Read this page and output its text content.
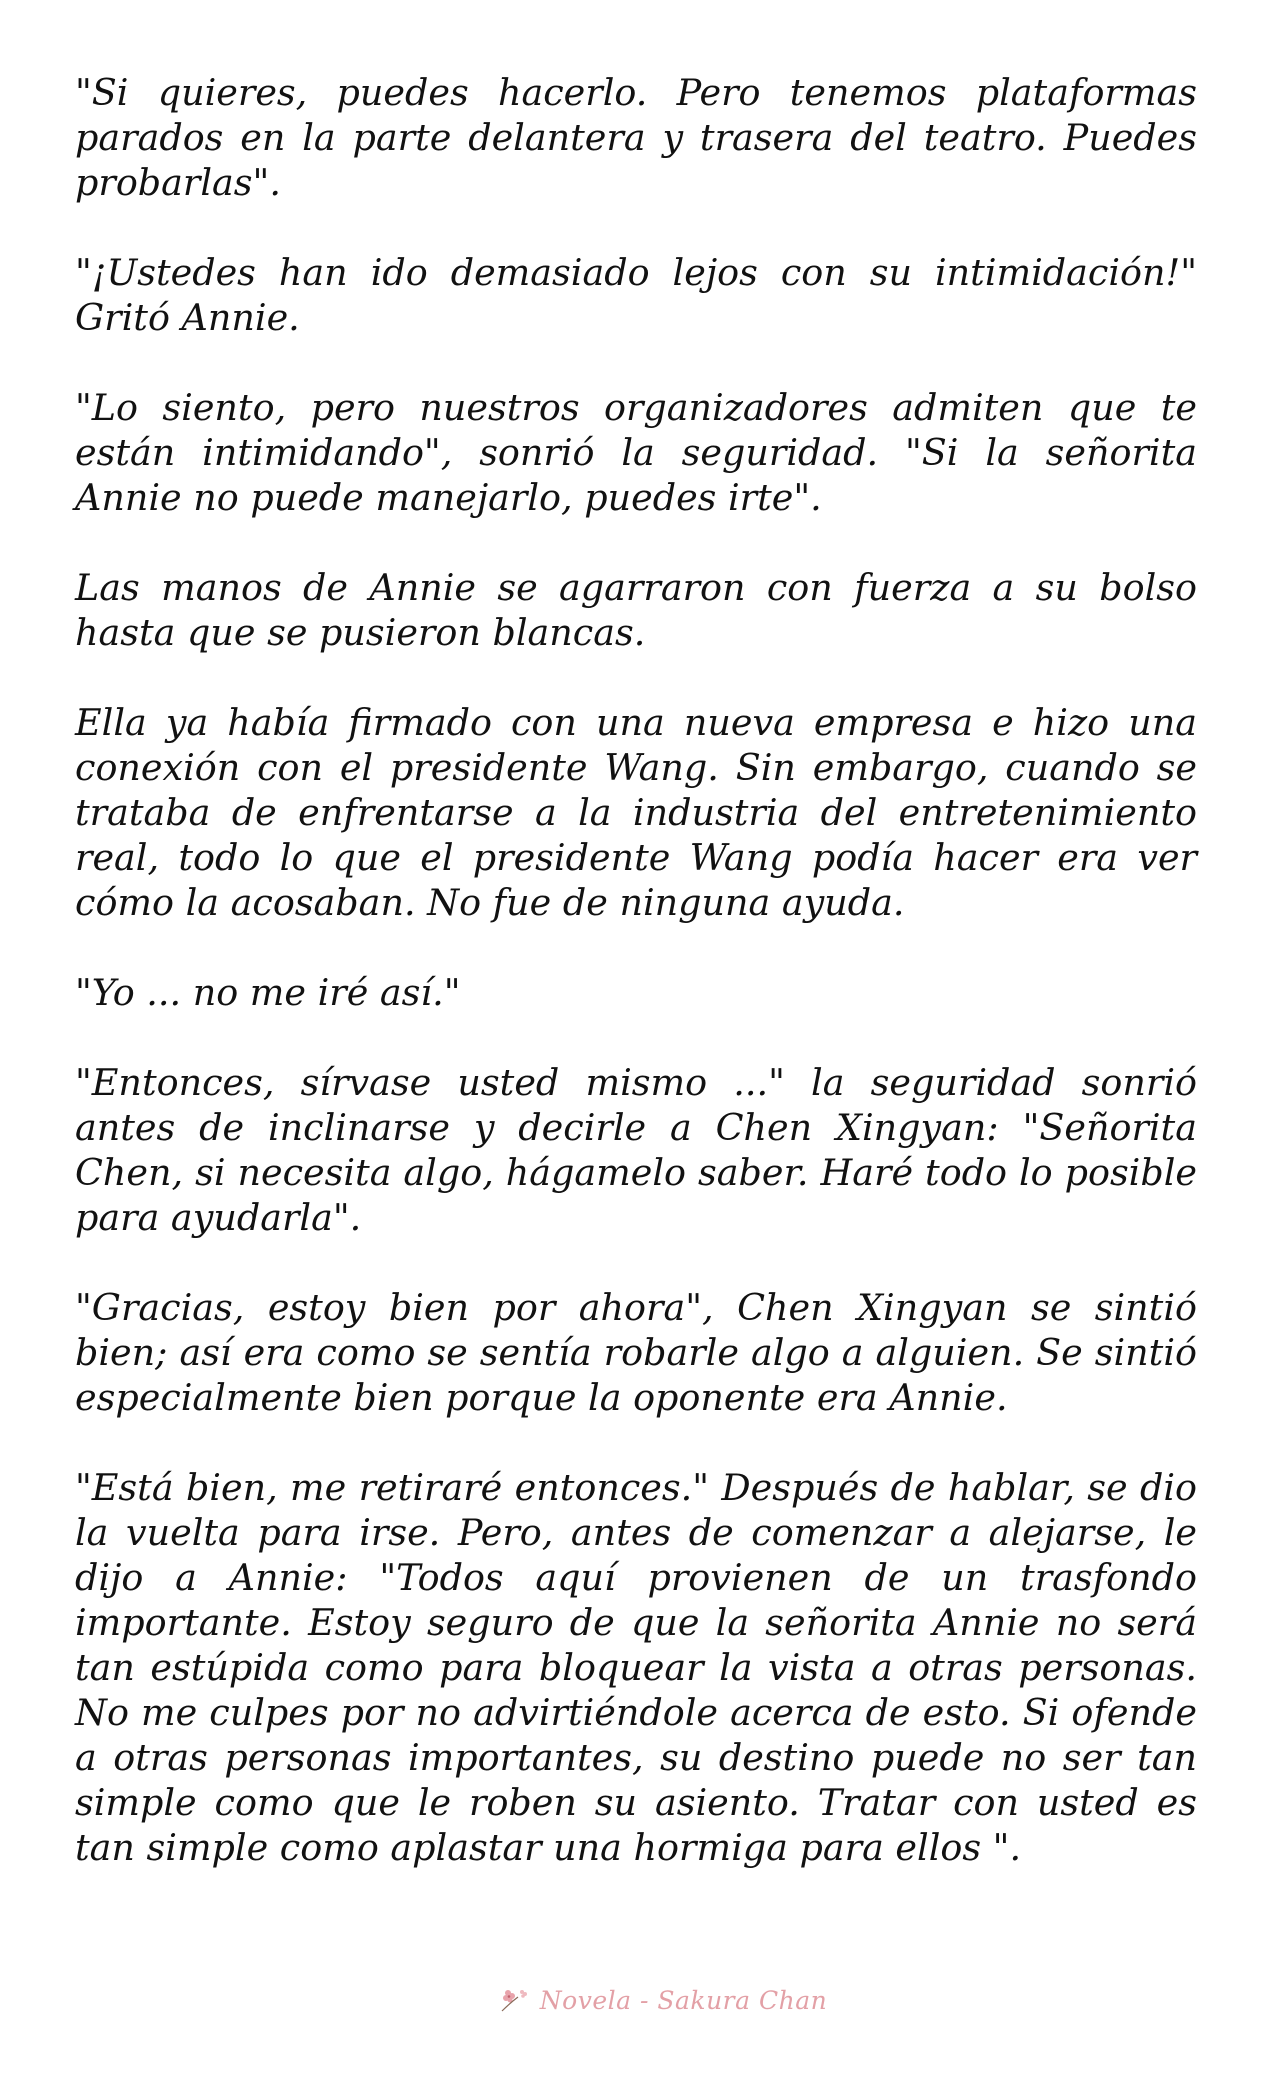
"Si quieres, puedes hacerlo. Pero tenemos plataformas parados en la parte delantera y trasera del teatro. Puedes probarlas".

"¡Ustedes han ido demasiado lejos con su intimidación!" Gritó Annie.

"Lo siento, pero nuestros organizadores admiten que te están intimidando", sonrió la seguridad. "Si la señorita Annie no puede manejarlo, puedes irte".

Las manos de Annie se agarraron con fuerza a su bolso hasta que se pusieron blancas.

Ella ya había firmado con una nueva empresa e hizo una conexión con el presidente Wang. Sin embargo, cuando se trataba de enfrentarse a la industria del entretenimiento real, todo lo que el presidente Wang podía hacer era ver cómo la acosaban. No fue de ninguna ayuda.

"Yo ... no me iré así."

"Entonces, sírvase usted mismo ..." la seguridad sonrió antes de inclinarse y decirle a Chen Xingyan: "Señorita Chen, si necesita algo, hágamelo saber. Haré todo lo posible para ayudarla".

"Gracias, estoy bien por ahora", Chen Xingyan se sintió bien; así era como se sentía robarle algo a alguien. Se sintió especialmente bien porque la oponente era Annie.

"Está bien, me retiraré entonces." Después de hablar, se dio la vuelta para irse. Pero, antes de comenzar a alejarse, le dijo a Annie: "Todos aquí provienen de un trasfondo importante. Estoy seguro de que la señorita Annie no será tan estúpida como para bloquear la vista a otras personas. No me culpes por no advirtiéndole acerca de esto. Si ofende a otras personas importantes, su destino puede no ser tan simple como que le roben su asiento. Tratar con usted es tan simple como aplastar una hormiga para ellos ".

Novela - Sakura Chan
